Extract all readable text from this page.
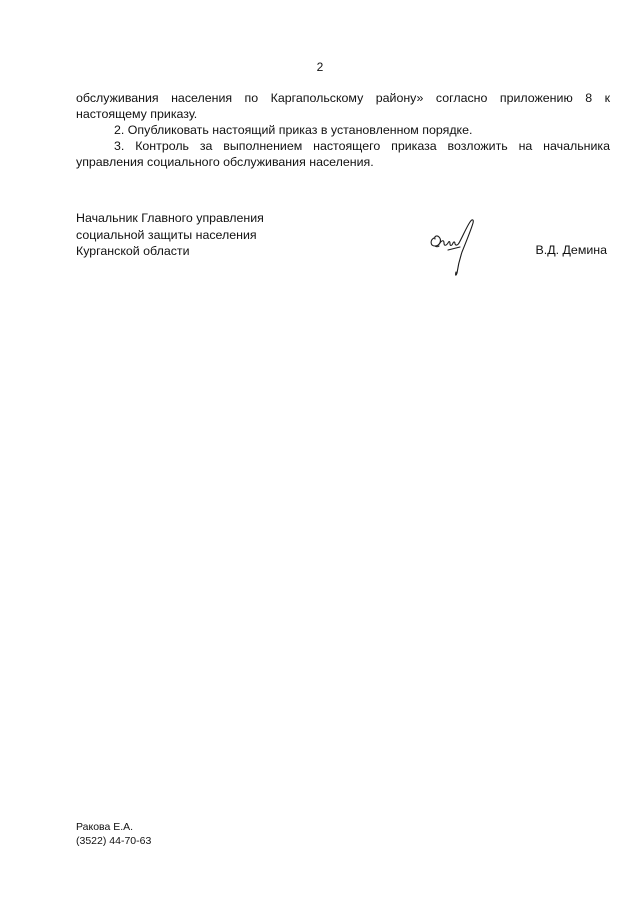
2

обслуживания населения по Каргапольскому району» согласно приложению 8 к настоящему приказу.

2. Опубликовать настоящий приказ в установленном порядке.

3. Контроль за выполнением настоящего приказа возложить на начальника управления социального обслуживания населения.

Начальник Главного управления
социальной защиты населения
Курганской области	В.Д. Демина
Ракова Е.А.
(3522) 44-70-63
